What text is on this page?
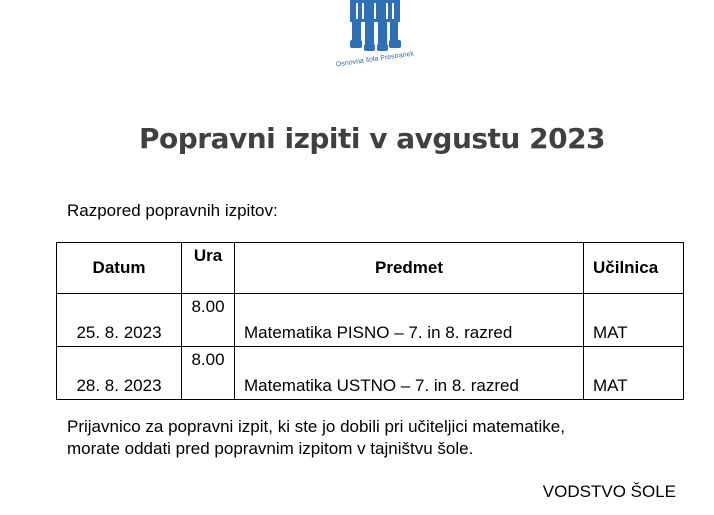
Osnovna šola Prestranek
Popravni izpiti v avgustu 2023
Razpored popravnih izpitov:
Datum	Ura	Predmet	Učilnica
25. 8. 2023	8.00	Matematika PISNO – 7. in 8. razred	MAT
28. 8. 2023	8.00	Matematika USTNO – 7. in 8. razred	MAT
Prijavnico za popravni izpit, ki ste jo dobili pri učiteljici matematike,
morate oddati pred popravnim izpitom v tajništvu šole.
VODSTVO ŠOLE
